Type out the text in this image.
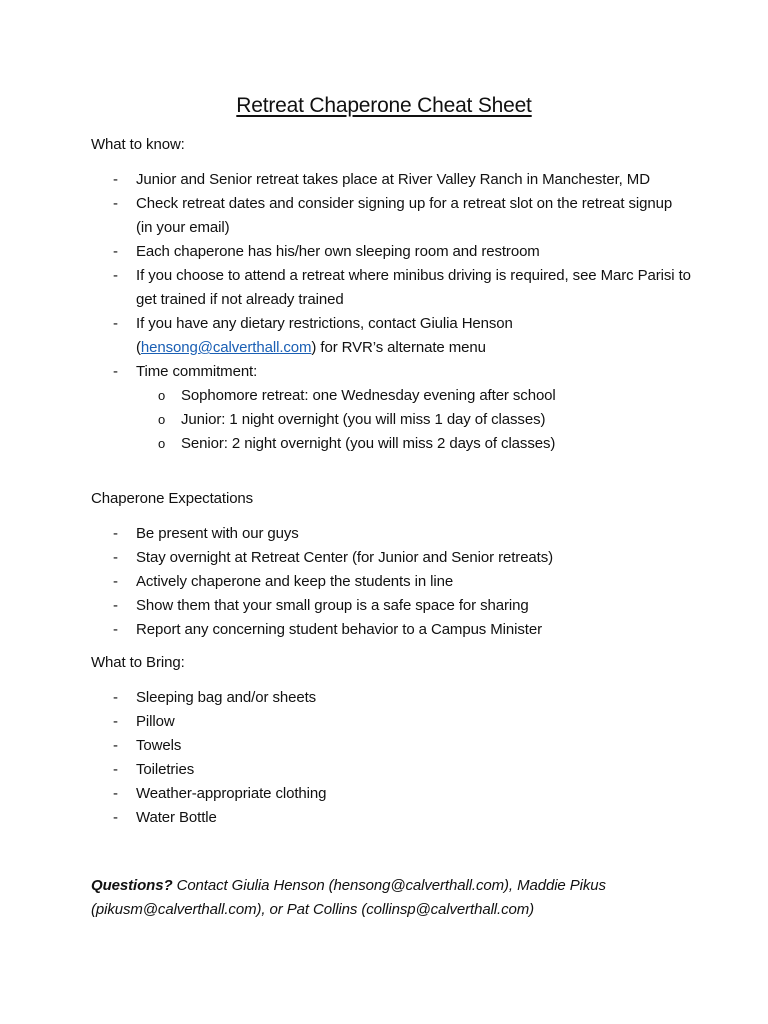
Retreat Chaperone Cheat Sheet
What to know:
- Junior and Senior retreat takes place at River Valley Ranch in Manchester, MD
- Check retreat dates and consider signing up for a retreat slot on the retreat signup (in your email)
- Each chaperone has his/her own sleeping room and restroom
- If you choose to attend a retreat where minibus driving is required, see Marc Parisi to get trained if not already trained
- If you have any dietary restrictions, contact Giulia Henson (hensong@calverthall.com) for RVR’s alternate menu
- Time commitment:
o Sophomore retreat: one Wednesday evening after school
o Junior: 1 night overnight (you will miss 1 day of classes)
o Senior: 2 night overnight (you will miss 2 days of classes)
Chaperone Expectations
- Be present with our guys
- Stay overnight at Retreat Center (for Junior and Senior retreats)
- Actively chaperone and keep the students in line
- Show them that your small group is a safe space for sharing
- Report any concerning student behavior to a Campus Minister
What to Bring:
- Sleeping bag and/or sheets
- Pillow
- Towels
- Toiletries
- Weather-appropriate clothing
- Water Bottle
Questions? Contact Giulia Henson (hensong@calverthall.com), Maddie Pikus (pikusm@calverthall.com), or Pat Collins (collinsp@calverthall.com)
